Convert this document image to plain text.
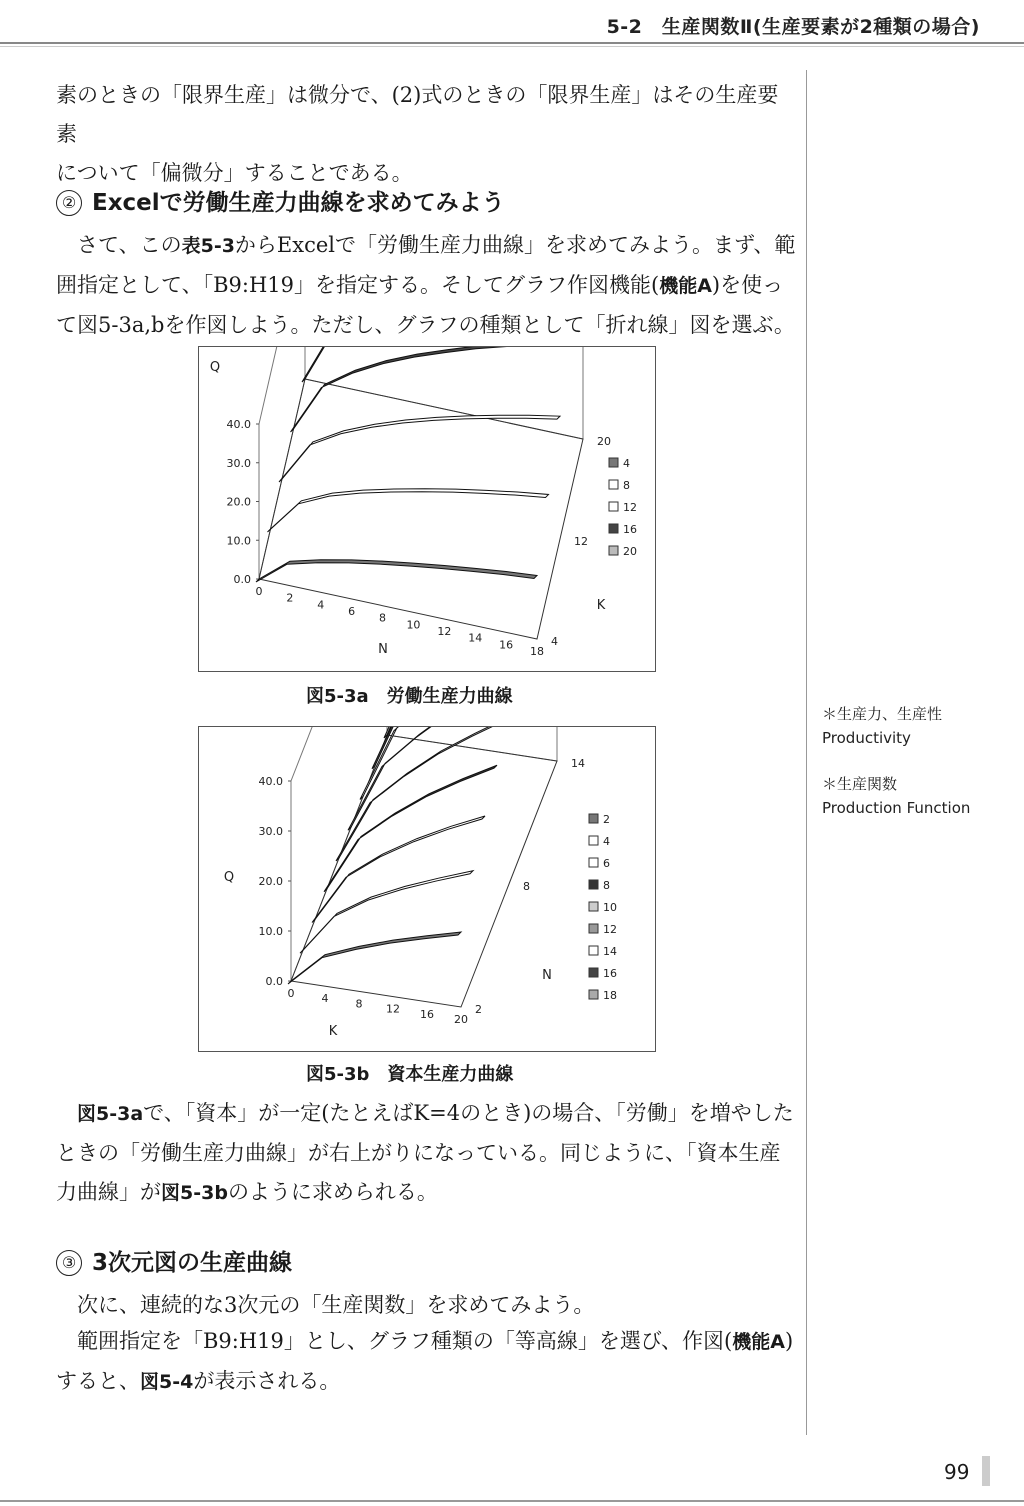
5-2　生産関数Ⅱ(生産要素が2種類の場合)

素のときの「限界生産」は微分で、(2)式のときの「限界生産」はその生産要素
について「偏微分」することである。

② Excelで労働生産力曲線を求めてみよう

さて、この表5-3からExcelで「労働生産力曲線」を求めてみよう。まず、範囲指定として、「B9:H19」を指定する。そしてグラフ作図機能(機能A)を使って図5-3a,bを作図しよう。ただし、グラフの種類として「折れ線」図を選ぶ。

0.0
10.0
20.0
30.0
40.0
0
2
4
6
8
10
12
14
16
18
4
12
20
Q
N
K
4
8
12
16
20
図5-3a　労働生産力曲線
0.0
10.0
20.0
30.0
40.0
0 4 8 12 16 20
2
8
14
Q
K
N
2
4
6
8
10
12
14
16
18
図5-3b　資本生産力曲線
＊生産力、生産性
Productivity
＊生産関数
Production Function

図5-3aで、「資本」が一定(たとえばK=4のとき)の場合、「労働」を増やしたときの「労働生産力曲線」が右上がりになっている。同じように、「資本生産力曲線」が図5-3bのように求められる。

③ 3次元図の生産曲線

次に、連続的な3次元の「生産関数」を求めてみよう。

範囲指定を「B9:H19」とし、グラフ種類の「等高線」を選び、作図(機能A)すると、図5-4が表示される。

99
